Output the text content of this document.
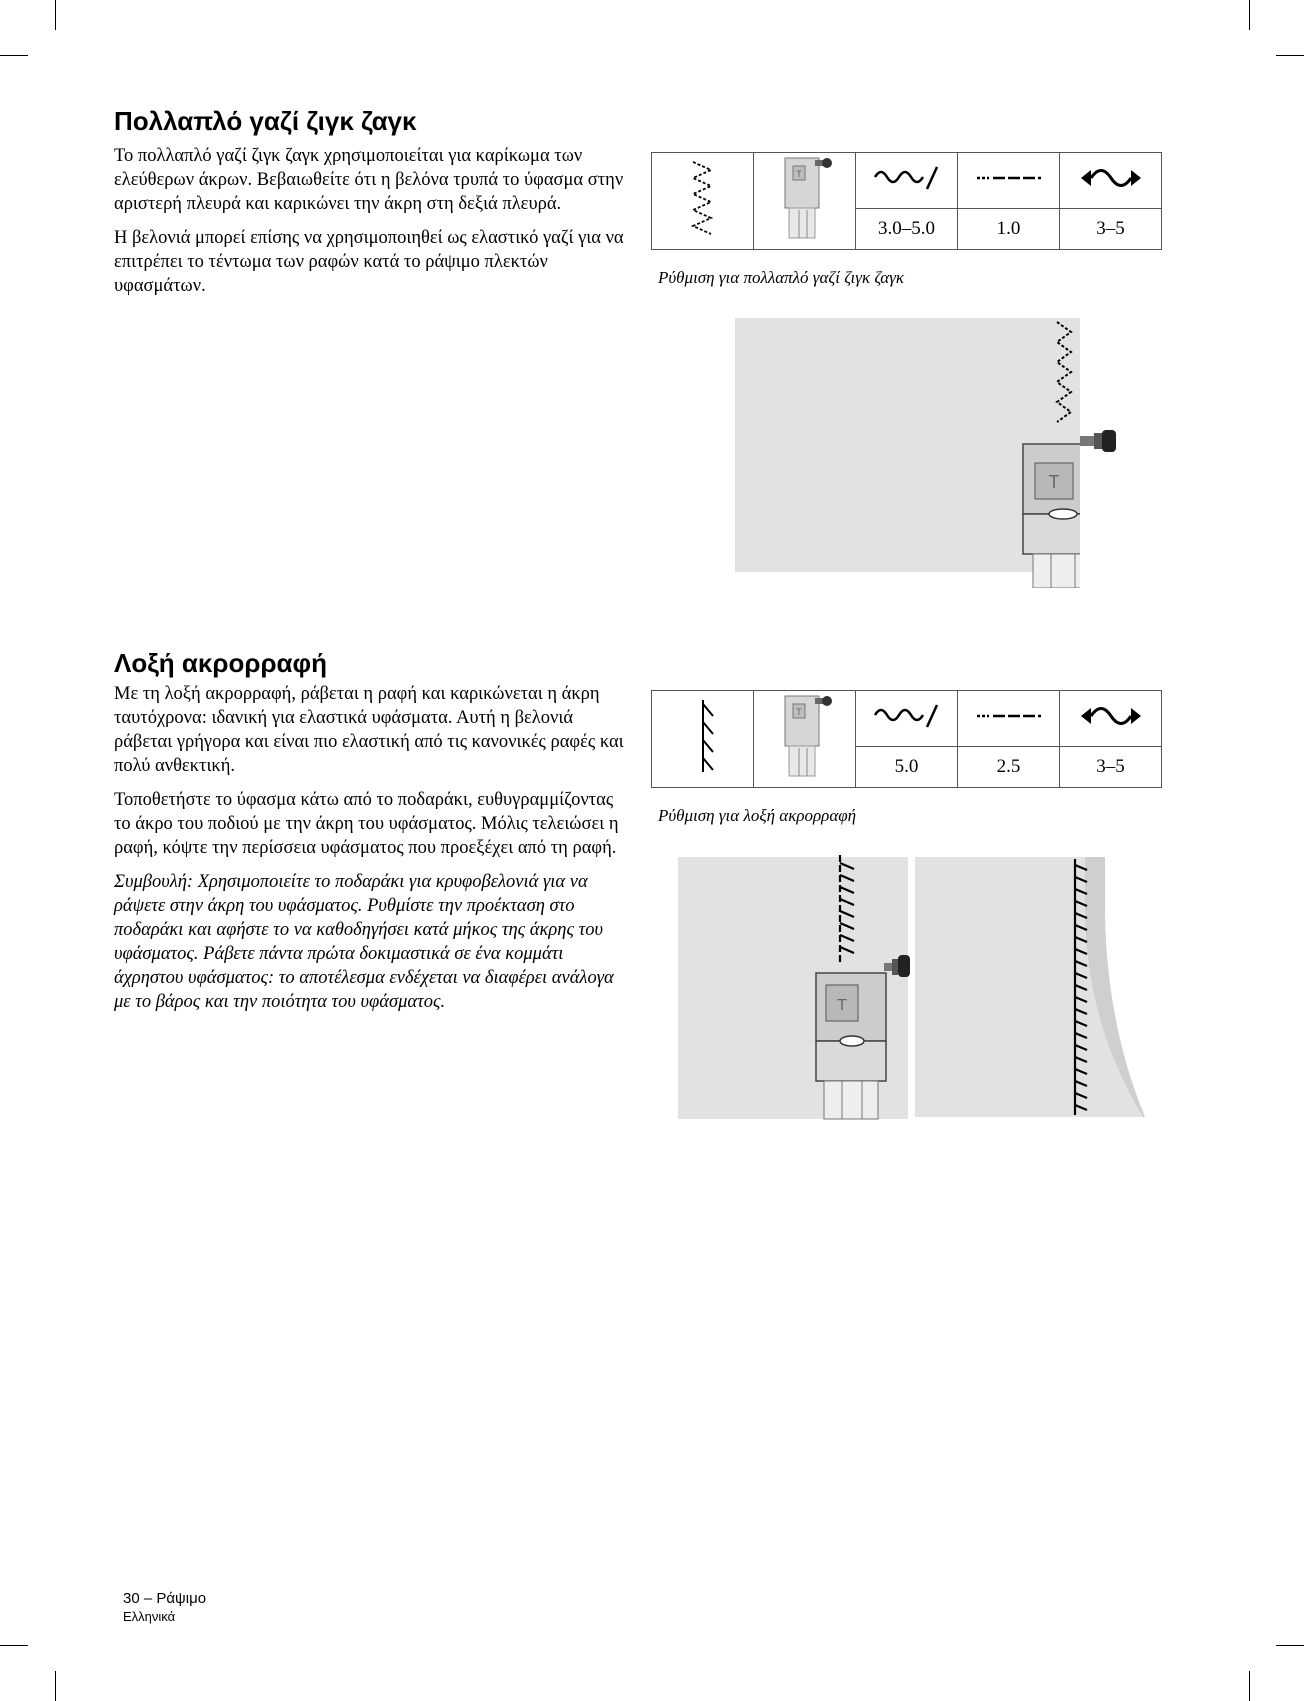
Πολλαπλό γαζί ζιγκ ζαγκ

Το πολλαπλό γαζί ζιγκ ζαγκ χρησιμοποιείται για καρίκωμα των ελεύθερων άκρων. Βεβαιωθείτε ότι η βελόνα τρυπά το ύφασμα στην αριστερή πλευρά και καρικώνει την άκρη στη δεξιά πλευρά.

Η βελονιά μπορεί επίσης να χρησιμοποιηθεί ως ελαστικό γαζί για να επιτρέπει το τέντωμα των ραφών κατά το ράψιμο πλεκτών υφασμάτων.

T

		3.0–5.0	1.0	3–5
Ρύθμιση για πολλαπλό γαζί ζιγκ ζαγκ
T
Λοξή ακρορραφή

Με τη λοξή ακρορραφή, ράβεται η ραφή και καρικώνεται η άκρη ταυτόχρονα: ιδανική για ελαστικά υφάσματα. Αυτή η βελονιά ράβεται γρήγορα και είναι πιο ελαστική από τις κανονικές ραφές και πολύ ανθεκτική.

Τοποθετήστε το ύφασμα κάτω από το ποδαράκι, ευθυγραμμίζοντας το άκρο του ποδιού με την άκρη του υφάσματος. Μόλις τελειώσει η ραφή, κόψτε την περίσσεια υφάσματος που προεξέχει από τη ραφή.

Συμβουλή: Χρησιμοποιείτε το ποδαράκι για κρυφοβελονιά για να ράψετε στην άκρη του υφάσματος. Ρυθμίστε την προέκταση στο ποδαράκι και αφήστε το να καθοδηγήσει κατά μήκος της άκρης του υφάσματος. Ράβετε πάντα πρώτα δοκιμαστικά σε ένα κομμάτι άχρηστου υφάσματος: το αποτέλεσμα ενδέχεται να διαφέρει ανάλογα με το βάρος και την ποιότητα του υφάσματος.

T

		5.0	2.5	3–5
Ρύθμιση για λοξή ακρορραφή
T
30 – Ράψιμο
Ελληνικά
